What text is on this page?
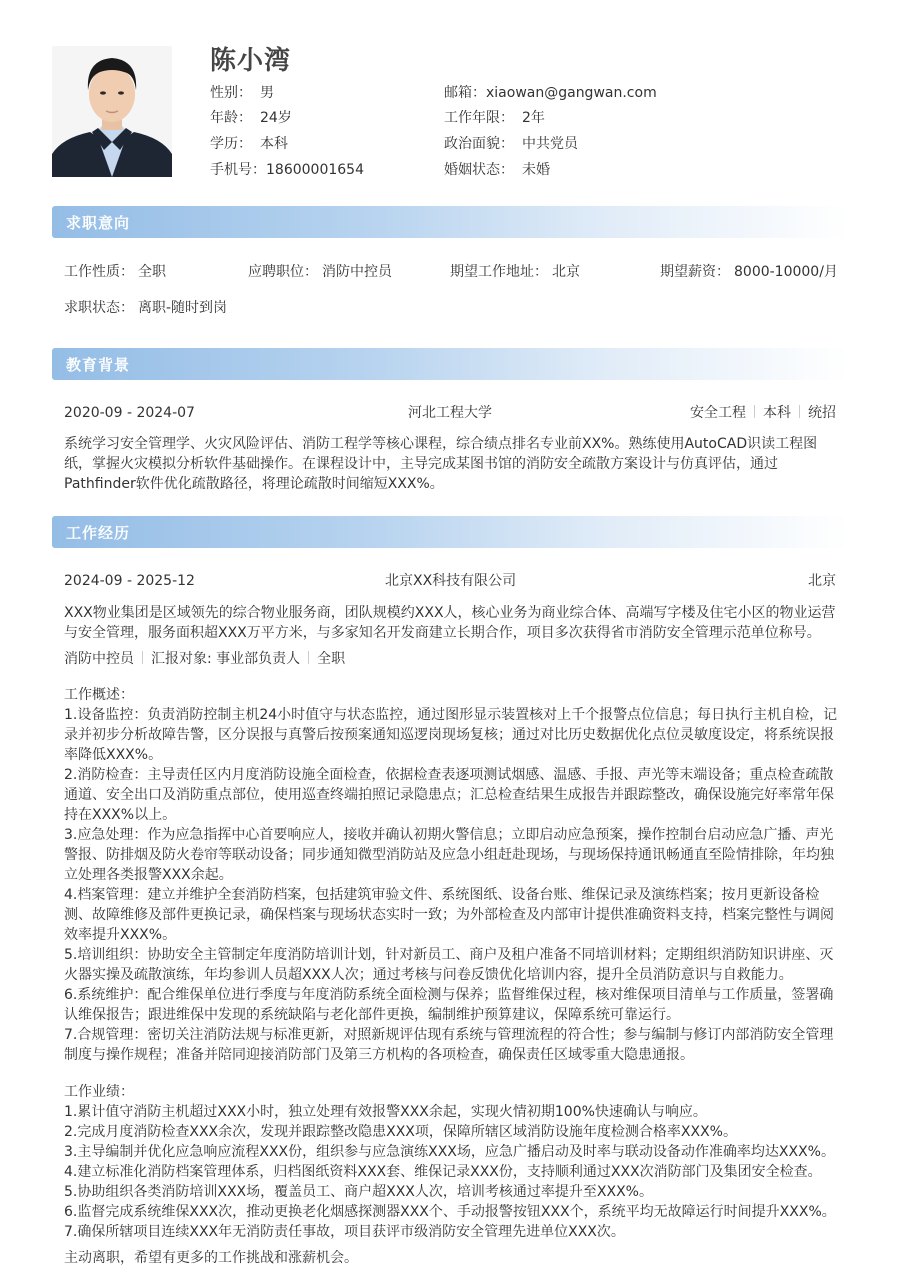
陈小湾
性别： 男
年龄： 24岁
学历： 本科
手机号：18600001654
邮箱：xiaowan@gangwan.com
工作年限： 2年
政治面貌： 中共党员
婚姻状态： 未婚
求职意向
工作性质： 全职	应聘职位： 消防中控员	期望工作地址： 北京	期望薪资： 8000-10000/月
求职状态： 离职-随时到岗
教育背景
2020-09 - 2024-07	河北工程大学	安全工程 本科 统招
系统学习安全管理学、火灾风险评估、消防工程学等核心课程，综合绩点排名专业前XX%。熟练使用AutoCAD识读工程图纸，掌握火灾模拟分析软件基础操作。在课程设计中，主导完成某图书馆的消防安全疏散方案设计与仿真评估，通过Pathfinder软件优化疏散路径，将理论疏散时间缩短XXX%。
工作经历
2024-09 - 2025-12	北京XX科技有限公司	北京
XXX物业集团是区域领先的综合物业服务商，团队规模约XXX人，核心业务为商业综合体、高端写字楼及住宅小区的物业运营与安全管理，服务面积超XXX万平方米，与多家知名开发商建立长期合作，项目多次获得省市消防安全管理示范单位称号。
消防中控员 汇报对象: 事业部负责人 全职
工作概述：
1.设备监控：负责消防控制主机24小时值守与状态监控，通过图形显示装置核对上千个报警点位信息；每日执行主机自检，记录并初步分析故障告警，区分误报与真警后按预案通知巡逻岗现场复核；通过对比历史数据优化点位灵敏度设定，将系统误报率降低XXX%。
2.消防检查：主导责任区内月度消防设施全面检查，依据检查表逐项测试烟感、温感、手报、声光等末端设备；重点检查疏散通道、安全出口及消防重点部位，使用巡查终端拍照记录隐患点；汇总检查结果生成报告并跟踪整改，确保设施完好率常年保持在XXX%以上。
3.应急处理：作为应急指挥中心首要响应人，接收并确认初期火警信息；立即启动应急预案，操作控制台启动应急广播、声光警报、防排烟及防火卷帘等联动设备；同步通知微型消防站及应急小组赶赴现场，与现场保持通讯畅通直至险情排除，年均独立处理各类报警XXX余起。
4.档案管理：建立并维护全套消防档案，包括建筑审验文件、系统图纸、设备台账、维保记录及演练档案；按月更新设备检测、故障维修及部件更换记录，确保档案与现场状态实时一致；为外部检查及内部审计提供准确资料支持，档案完整性与调阅效率提升XXX%。
5.培训组织：协助安全主管制定年度消防培训计划，针对新员工、商户及租户准备不同培训材料；定期组织消防知识讲座、灭火器实操及疏散演练，年均参训人员超XXX人次；通过考核与问卷反馈优化培训内容，提升全员消防意识与自救能力。
6.系统维护：配合维保单位进行季度与年度消防系统全面检测与保养；监督维保过程，核对维保项目清单与工作质量，签署确认维保报告；跟进维保中发现的系统缺陷与老化部件更换，编制维护预算建议，保障系统可靠运行。
7.合规管理：密切关注消防法规与标准更新，对照新规评估现有系统与管理流程的符合性；参与编制与修订内部消防安全管理制度与操作规程；准备并陪同迎接消防部门及第三方机构的各项检查，确保责任区域零重大隐患通报。
工作业绩：
1.累计值守消防主机超过XXX小时，独立处理有效报警XXX余起，实现火情初期100%快速确认与响应。
2.完成月度消防检查XXX余次，发现并跟踪整改隐患XXX项，保障所辖区域消防设施年度检测合格率XXX%。
3.主导编制并优化应急响应流程XXX份，组织参与应急演练XXX场，应急广播启动及时率与联动设备动作准确率均达XXX%。
4.建立标准化消防档案管理体系，归档图纸资料XXX套、维保记录XXX份，支持顺利通过XXX次消防部门及集团安全检查。
5.协助组织各类消防培训XXX场，覆盖员工、商户超XXX人次，培训考核通过率提升至XXX%。
6.监督完成系统维保XXX次，推动更换老化烟感探测器XXX个、手动报警按钮XXX个，系统平均无故障运行时间提升XXX%。
7.确保所辖项目连续XXX年无消防责任事故，项目获评市级消防安全管理先进单位XXX次。
主动离职，希望有更多的工作挑战和涨薪机会。
